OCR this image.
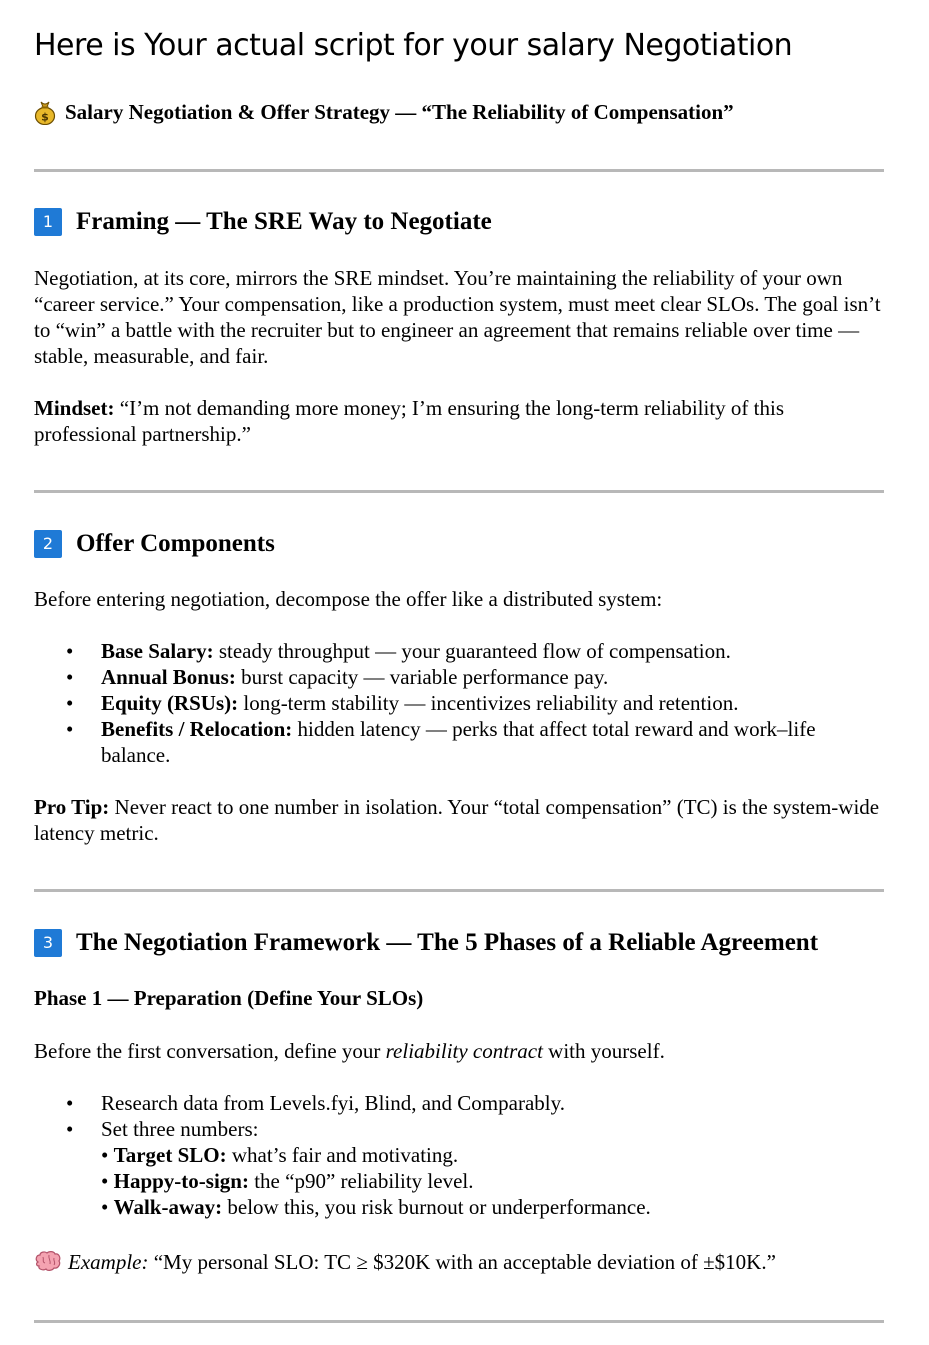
Here is Your actual script for your salary Negotiation
$ Salary Negotiation & Offer Strategy — “The Reliability of Compensation”
1 Framing — The SRE Way to Negotiate

Negotiation, at its core, mirrors the SRE mindset. You’re maintaining the reliability of your own “career service.” Your compensation, like a production system, must meet clear SLOs. The goal isn’t to “win” a battle with the recruiter but to engineer an agreement that remains reliable over time — stable, measurable, and fair.

Mindset: “I’m not demanding more money; I’m ensuring the long-term reliability of this professional partnership.”

2 Offer Components

Before entering negotiation, decompose the offer like a distributed system:

• Base Salary: steady throughput — your guaranteed flow of compensation.
• Annual Bonus: burst capacity — variable performance pay.
• Equity (RSUs): long-term stability — incentivizes reliability and retention.
• Benefits / Relocation: hidden latency — perks that affect total reward and work–life balance.

Pro Tip: Never react to one number in isolation. Your “total compensation” (TC) is the system-wide latency metric.

3 The Negotiation Framework — The 5 Phases of a Reliable Agreement
Phase 1 — Preparation (Define Your SLOs)

Before the first conversation, define your reliability contract with yourself.

• Research data from Levels.fyi, Blind, and Comparably.
• Set three numbers:
• Target SLO: what’s fair and motivating.
• Happy-to-sign: the “p90” reliability level.
• Walk-away: below this, you risk burnout or underperformance.

Example: “My personal SLO: TC ≥ $320K with an acceptable deviation of ±$10K.”
